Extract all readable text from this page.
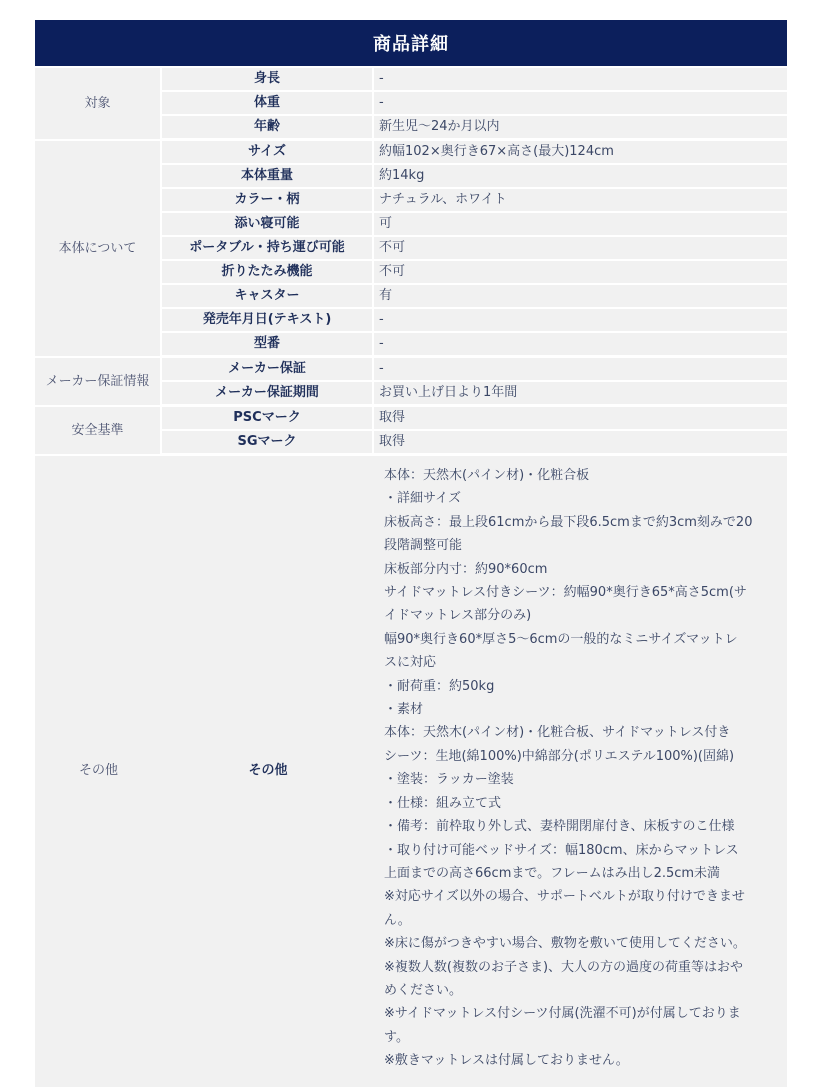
商品詳細		
対象	身長	-
	体重	-
	年齢	新生児〜24か月以内
本体について	サイズ	約幅102×奥行き67×高さ(最大)124cm
	本体重量	約14kg
	カラー・柄	ナチュラル、ホワイト
	添い寝可能	可
	ポータブル・持ち運び可能	不可
	折りたたみ機能	不可
	キャスター	有
	発売年月日(テキスト)	-
	型番	-
メーカー保証情報	メーカー保証	-
	メーカー保証期間	お買い上げ日より1年間
安全基準	PSCマーク	取得
	SGマーク	取得
その他	その他	
本体：天然木(パイン材)・化粧合板
・詳細サイズ
床板高さ：最上段61cmから最下段6.5cmまで約3cm刻みで20
段階調整可能
床板部分内寸：約90*60cm
サイドマットレス付きシーツ：約幅90*奥行き65*高さ5cm(サ
イドマットレス部分のみ)
幅90*奥行き60*厚さ5〜6cmの一般的なミニサイズマットレ
スに対応
・耐荷重：約50kg
・素材
本体：天然木(パイン材)・化粧合板、サイドマットレス付き
シーツ：生地(綿100%)中綿部分(ポリエステル100%)(固綿)
・塗装：ラッカー塗装
・仕様：組み立て式
・備考：前枠取り外し式、妻枠開閉扉付き、床板すのこ仕様
・取り付け可能ベッドサイズ：幅180cm、床からマットレス
上面までの高さ66cmまで。フレームはみ出し2.5cm未満
※対応サイズ以外の場合、サポートベルトが取り付けできませ
ん。
※床に傷がつきやすい場合、敷物を敷いて使用してください。
※複数人数(複数のお子さま)、大人の方の過度の荷重等はおや
めください。
※サイドマットレス付シーツ付属(洗濯不可)が付属しておりま
す。
※敷きマットレスは付属しておりません。
